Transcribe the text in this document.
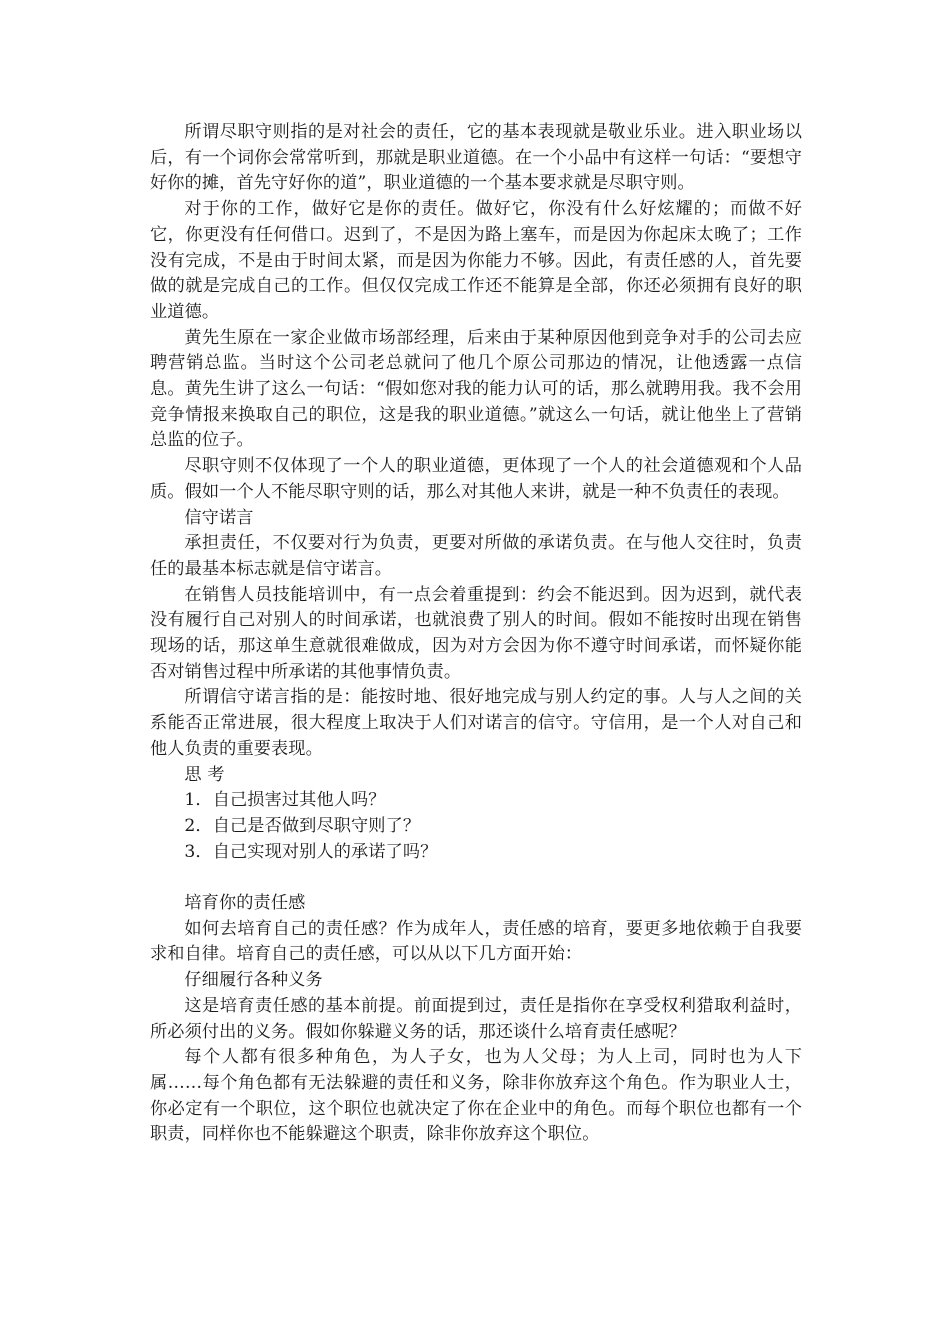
所谓尽职守则指的是对社会的责任，它的基本表现就是敬业乐业。进入职业场以后，有一个词你会常常听到，那就是职业道德。在一个小品中有这样一句话：“要想守好你的摊，首先守好你的道”，职业道德的一个基本要求就是尽职守则。

对于你的工作，做好它是你的责任。做好它，你没有什么好炫耀的；而做不好它，你更没有任何借口。迟到了，不是因为路上塞车，而是因为你起床太晚了；工作没有完成，不是由于时间太紧，而是因为你能力不够。因此，有责任感的人，首先要做的就是完成自己的工作。但仅仅完成工作还不能算是全部，你还必须拥有良好的职业道德。

黄先生原在一家企业做市场部经理，后来由于某种原因他到竞争对手的公司去应聘营销总监。当时这个公司老总就问了他几个原公司那边的情况，让他透露一点信息。黄先生讲了这么一句话：“假如您对我的能力认可的话，那么就聘用我。我不会用竞争情报来换取自己的职位，这是我的职业道德。”就这么一句话，就让他坐上了营销总监的位子。

尽职守则不仅体现了一个人的职业道德，更体现了一个人的社会道德观和个人品质。假如一个人不能尽职守则的话，那么对其他人来讲，就是一种不负责任的表现。

信守诺言

承担责任，不仅要对行为负责，更要对所做的承诺负责。在与他人交往时，负责任的最基本标志就是信守诺言。

在销售人员技能培训中，有一点会着重提到：约会不能迟到。因为迟到，就代表没有履行自己对别人的时间承诺，也就浪费了别人的时间。假如不能按时出现在销售现场的话，那这单生意就很难做成，因为对方会因为你不遵守时间承诺，而怀疑你能否对销售过程中所承诺的其他事情负责。

所谓信守诺言指的是：能按时地、很好地完成与别人约定的事。人与人之间的关系能否正常进展，很大程度上取决于人们对诺言的信守。守信用，是一个人对自己和他人负责的重要表现。

思 考

1．自己损害过其他人吗？

2．自己是否做到尽职守则了？

3．自己实现对别人的承诺了吗？

培育你的责任感

如何去培育自己的责任感？作为成年人，责任感的培育，要更多地依赖于自我要求和自律。培育自己的责任感，可以从以下几方面开始：

仔细履行各种义务

这是培育责任感的基本前提。前面提到过，责任是指你在享受权利猎取利益时，所必须付出的义务。假如你躲避义务的话，那还谈什么培育责任感呢？

每个人都有很多种角色，为人子女，也为人父母；为人上司，同时也为人下属……每个角色都有无法躲避的责任和义务，除非你放弃这个角色。作为职业人士，你必定有一个职位，这个职位也就决定了你在企业中的角色。而每个职位也都有一个职责，同样你也不能躲避这个职责，除非你放弃这个职位。
